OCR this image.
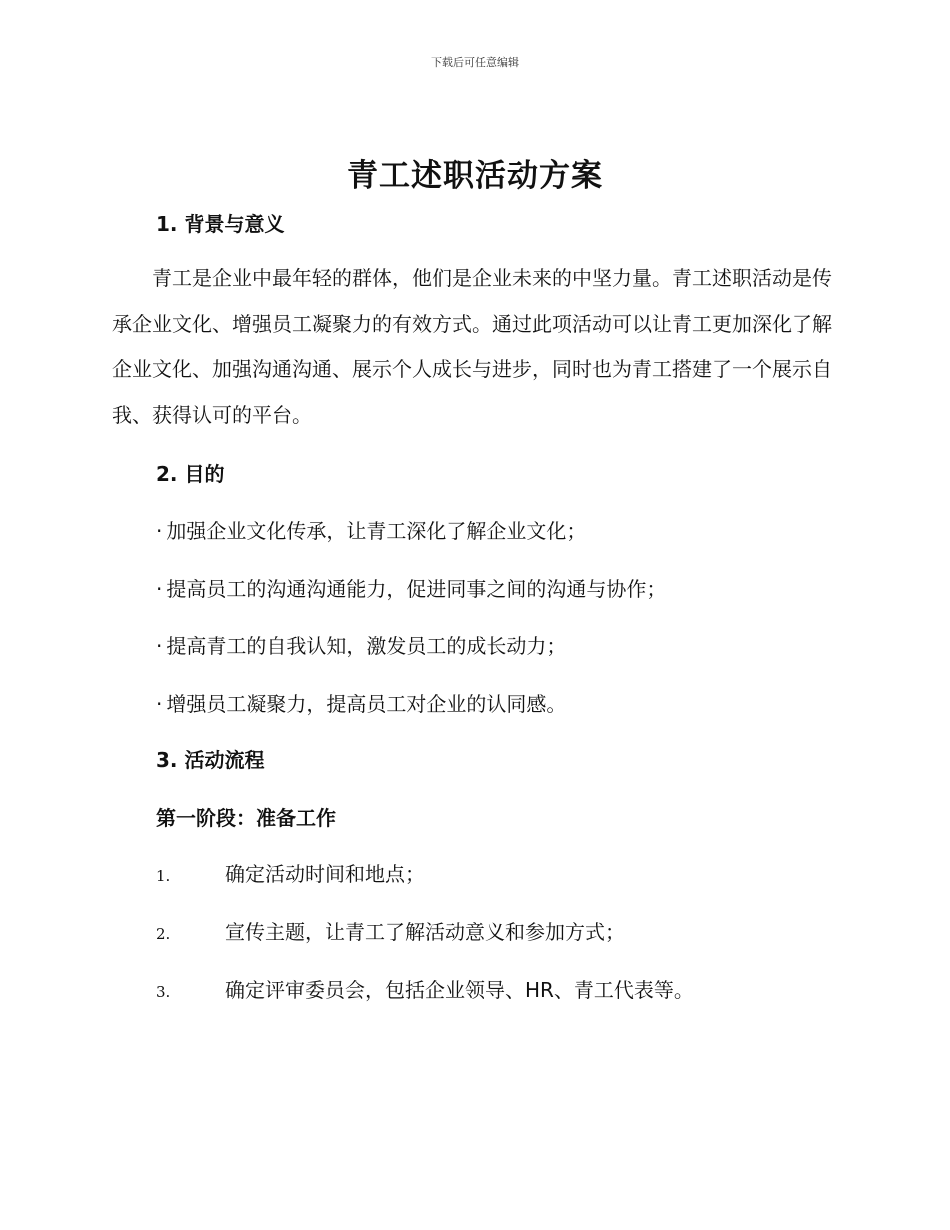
下载后可任意编辑
青工述职活动方案
1. 背景与意义
青工是企业中最年轻的群体，他们是企业未来的中坚力量。青工述职活动是传承企业文化、增强员工凝聚力的有效方式。通过此项活动可以让青工更加深化了解企业文化、加强沟通沟通、展示个人成长与进步，同时也为青工搭建了一个展示自我、获得认可的平台。
2. 目的
· 加强企业文化传承，让青工深化了解企业文化；
· 提高员工的沟通沟通能力，促进同事之间的沟通与协作；
· 提高青工的自我认知，激发员工的成长动力；
· 增强员工凝聚力，提高员工对企业的认同感。
3. 活动流程
第一阶段：准备工作
1.	确定活动时间和地点；
2.	宣传主题，让青工了解活动意义和参加方式；
3.	确定评审委员会，包括企业领导、HR、青工代表等。
